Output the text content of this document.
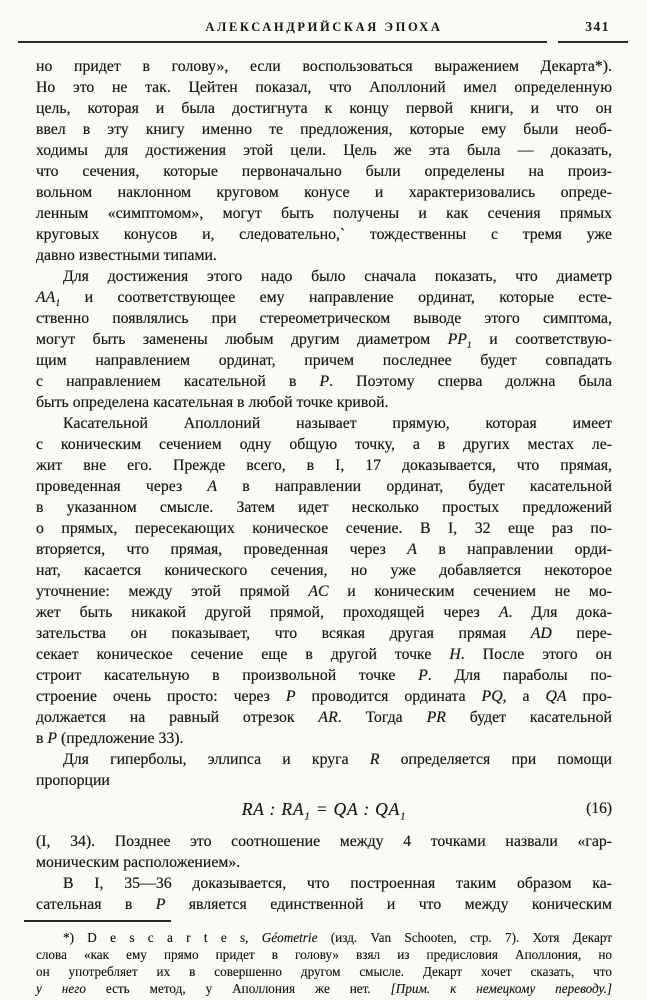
АЛЕКСАНДРИЙСКАЯ ЭПОХА	341
но придет в голову», если воспользоваться выражением Декарта*).
Но это не так. Цейтен показал, что Аполлоний имел определенную
цель, которая и была достигнута к концу первой книги, и что он
ввел в эту книгу именно те предложения, которые ему были необ-
ходимы для достижения этой цели. Цель же эта была — доказать,
что сечения, которые первоначально были определены на произ-
вольном наклонном круговом конусе и характеризовались опреде-
ленным «симптомом», могут быть получены и как сечения прямых
круговых конусов и, следовательно,` тождественны с тремя уже
давно известными типами.
Для достижения этого надо было сначала показать, что диаметр
$AA_1$ и соответствующее ему направление ординат, которые есте-
ственно появлялись при стереометрическом выводе этого симптома,
могут быть заменены любым другим диаметром $PP_1$ и соответствую-
щим направлением ординат, причем последнее будет совпадать
с направлением касательной в P. Поэтому сперва должна была
быть определена касательная в любой точке кривой.
Касательной Аполлоний называет прямую, которая имеет
с коническим сечением одну общую точку, а в других местах ле-
жит вне его. Прежде всего, в I, 17 доказывается, что прямая,
проведенная через A в направлении ординат, будет касательной
в указанном смысле. Затем идет несколько простых предложений
о прямых, пересекающих коническое сечение. В I, 32 еще раз по-
вторяется, что прямая, проведенная через A в направлении орди-
нат, касается конического сечения, но уже добавляется некоторое
уточнение: между этой прямой AC и коническим сечением не мо-
жет быть никакой другой прямой, проходящей через A. Для дока-
зательства он показывает, что всякая другая прямая AD пере-
секает коническое сечение еще в другой точке H. После этого он
строит касательную в произвольной точке P. Для параболы по-
строение очень просто: через P проводится ордината PQ, а QA про-
должается на равный отрезок AR. Тогда PR будет касательной
в P (предложение 33).
Для гиперболы, эллипса и круга R определяется при помощи
пропорции
RA : $RA_1$ = QA : $QA_1$	(16)
(I, 34). Позднее это соотношение между 4 точками назвали «гар-
моническим расположением».
В I, 35—36 доказывается, что построенная таким образом ка-
сательная в P является единственной и что между коническим
*) D e s c a r t e s, Géometrie (изд. Van Schooten, стр. 7). Хотя Декарт
слова «как ему прямо придет в голову» взял из предисловия Аполлония, но
он употребляет их в совершенно другом смысле. Декарт хочет сказать, что
у него есть метод, у Аполлония же нет. [Прим. к немецкому переводу.]
